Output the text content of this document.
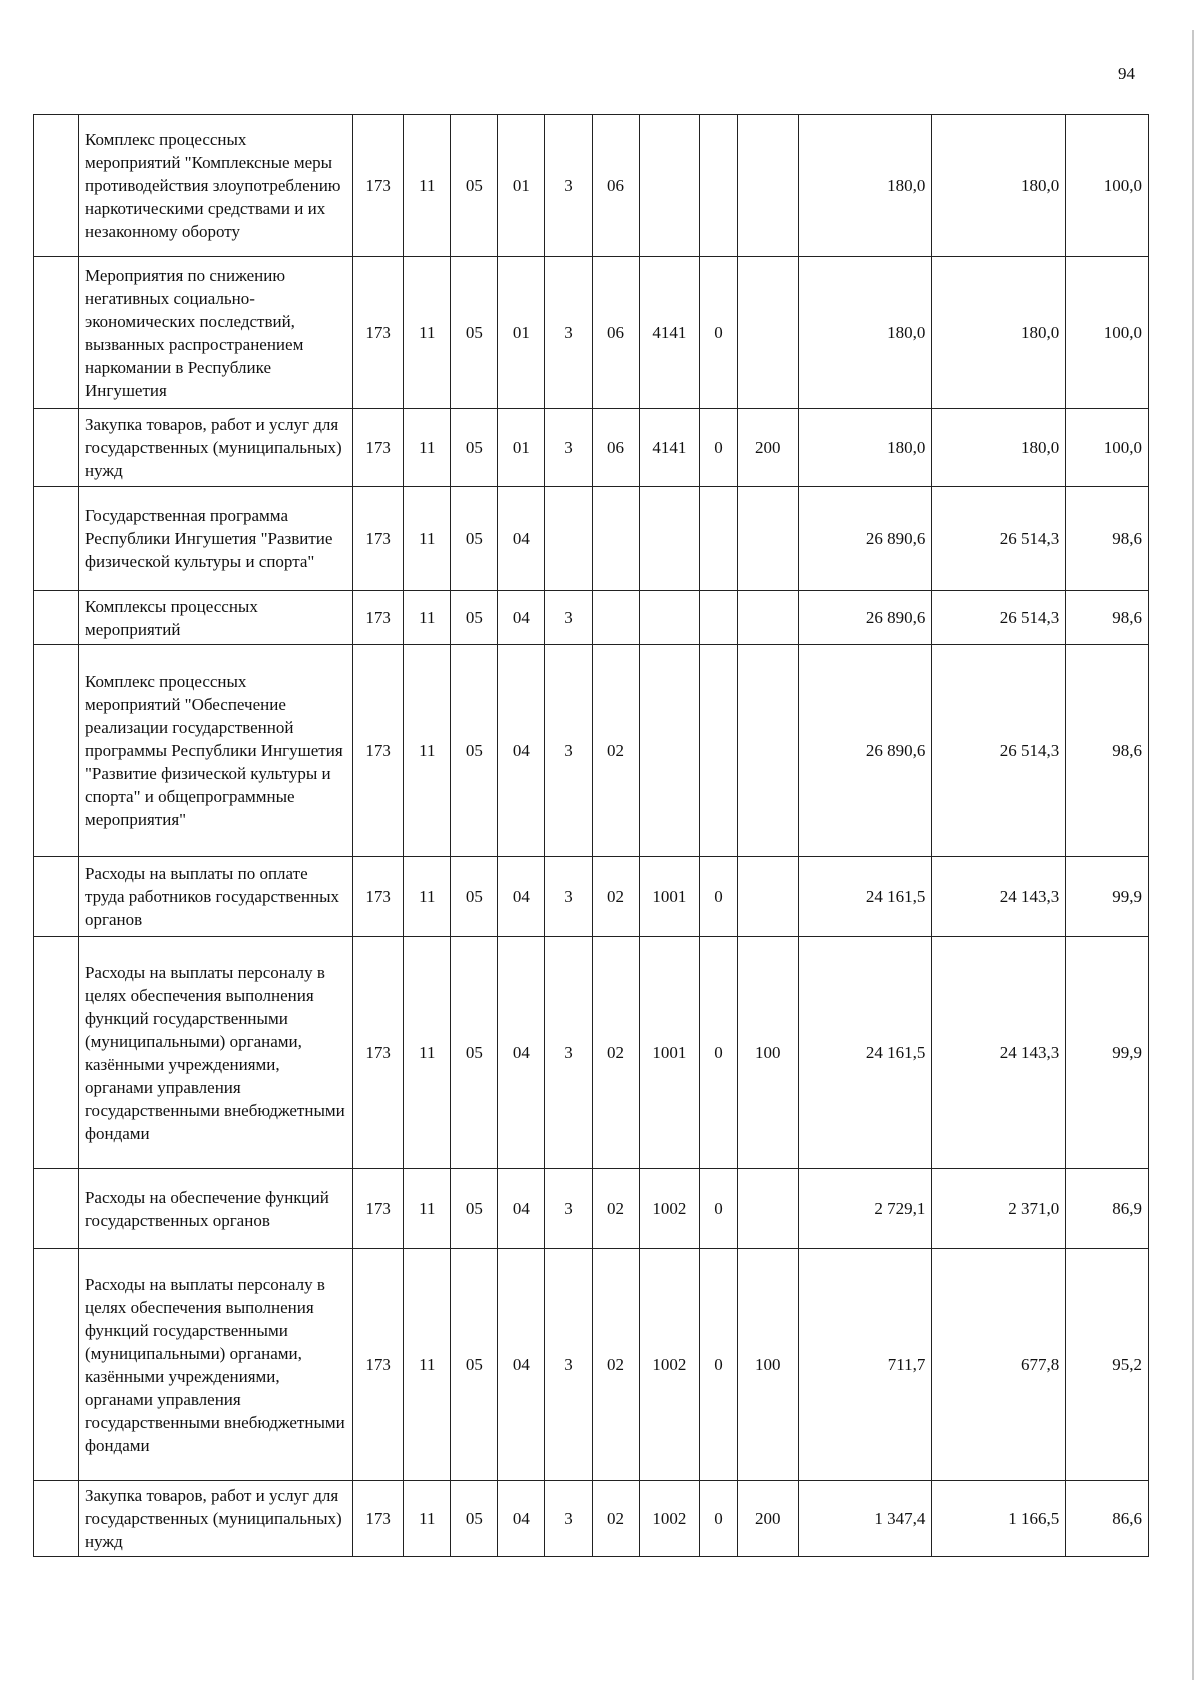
94
	Комплекс процессных мероприятий "Комплексные меры противодействия злоупотреблению наркотическими средствами и их незаконному обороту	173	11	05	01	3	06				180,0	180,0	100,0
	Мероприятия по снижению негативных социально-экономических последствий, вызванных распространением наркомании в Республике Ингушетия	173	11	05	01	3	06	4141	0		180,0	180,0	100,0
	Закупка товаров, работ и услуг для государственных (муниципальных) нужд	173	11	05	01	3	06	4141	0	200	180,0	180,0	100,0
	Государственная программа Республики Ингушетия "Развитие физической культуры и спорта"	173	11	05	04						26 890,6	26 514,3	98,6
	Комплексы процессных мероприятий	173	11	05	04	3					26 890,6	26 514,3	98,6
	Комплекс процессных мероприятий "Обеспечение реализации государственной программы Республики Ингушетия "Развитие физической культуры и спорта" и общепрограммные мероприятия"	173	11	05	04	3	02				26 890,6	26 514,3	98,6
	Расходы на выплаты по оплате труда работников государственных органов	173	11	05	04	3	02	1001	0		24 161,5	24 143,3	99,9
	Расходы на выплаты персоналу в целях обеспечения выполнения функций государственными (муниципальными) органами, казёнными учреждениями, органами управления государственными внебюджетными фондами	173	11	05	04	3	02	1001	0	100	24 161,5	24 143,3	99,9
	Расходы на обеспечение функций государственных органов	173	11	05	04	3	02	1002	0		2 729,1	2 371,0	86,9
	Расходы на выплаты персоналу в целях обеспечения выполнения функций государственными (муниципальными) органами, казёнными учреждениями, органами управления государственными внебюджетными фондами	173	11	05	04	3	02	1002	0	100	711,7	677,8	95,2
	Закупка товаров, работ и услуг для государственных (муниципальных) нужд	173	11	05	04	3	02	1002	0	200	1 347,4	1 166,5	86,6
